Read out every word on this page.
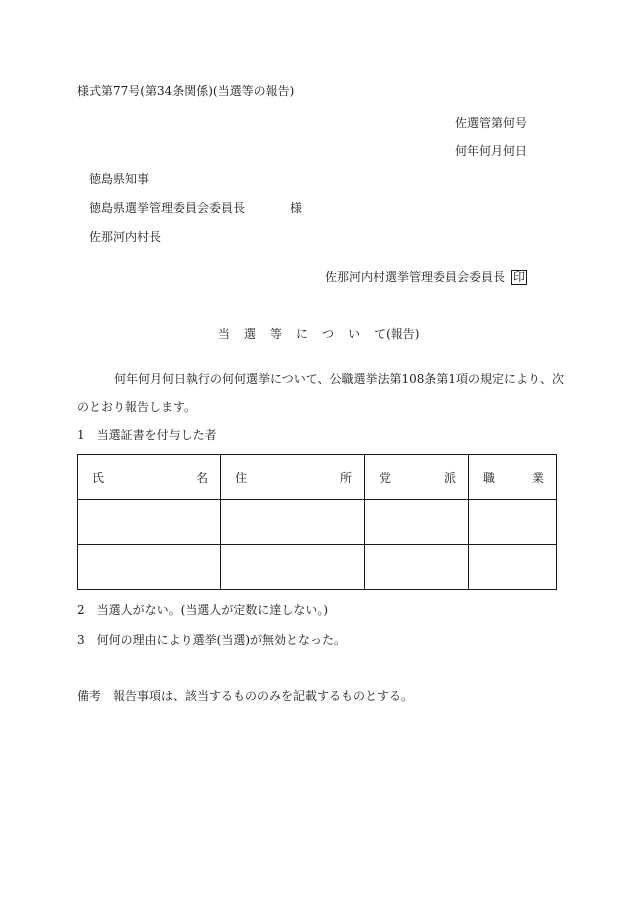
様式第77号(第34条関係)(当選等の報告)
佐選管第何号
何年何月何日
徳島県知事
徳島県選挙管理委員会委員長	様
佐那河内村長
佐那河内村選挙管理委員会委員長 印
当 選 等 に つ い て(報告)
何年何月何日執行の何何選挙について、公職選挙法第108条第1項の規定により、次
のとおり報告します。
1　当選証書を付与した者
氏 名	住 所	党 派	職 業

2　当選人がない。(当選人が定数に達しない。)
3　何何の理由により選挙(当選)が無効となった。
備考　報告事項は、該当するもののみを記載するものとする。
